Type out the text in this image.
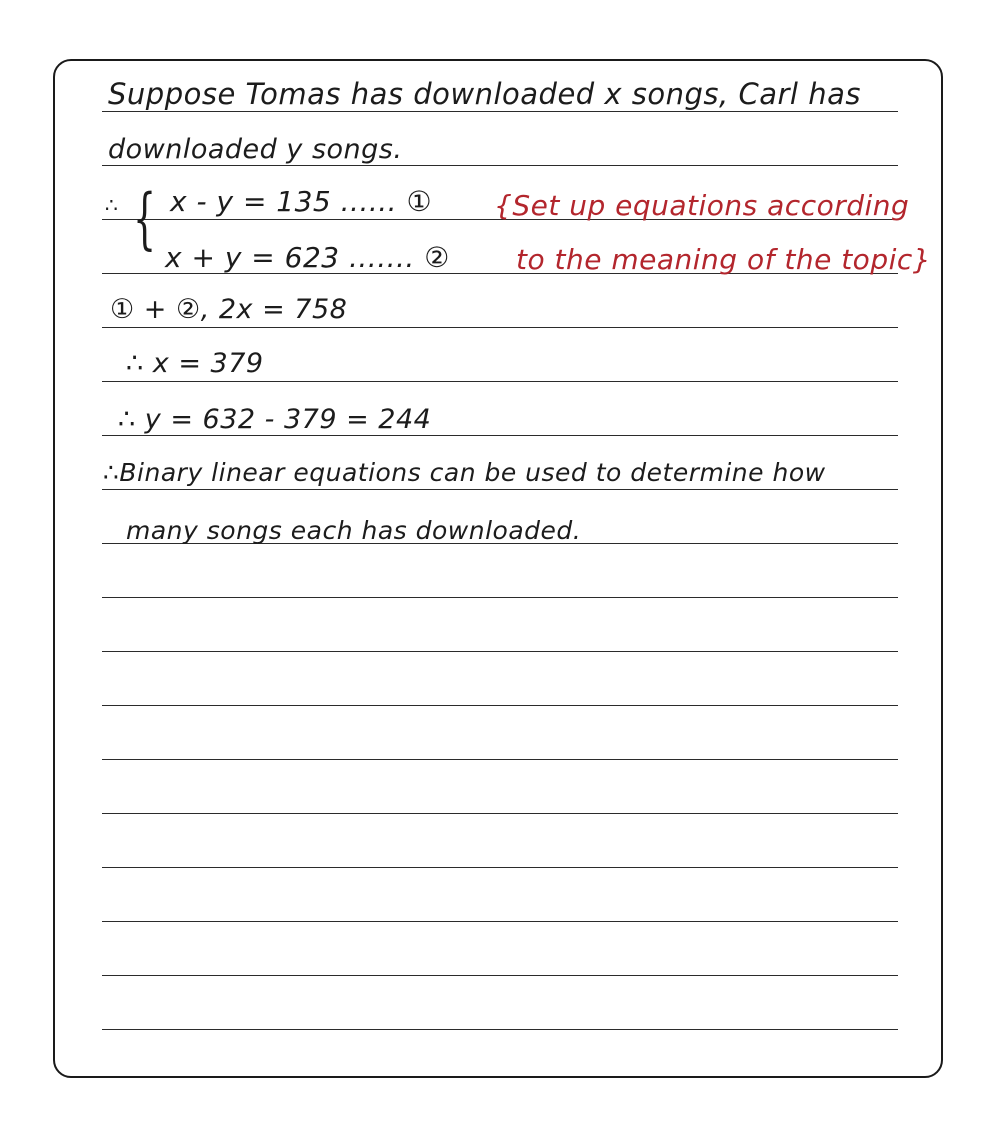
Suppose Tomas has downloaded x songs, Carl has
downloaded y songs.
∴ { x - y = 135 ...... ①
x + y = 623 ....... ②
{Set up equations according
to the meaning of the topic}
① + ②, 2x = 758
∴ x = 379
∴ y = 632 - 379 = 244
∴Binary linear equations can be used to determine how
many songs each has downloaded.
